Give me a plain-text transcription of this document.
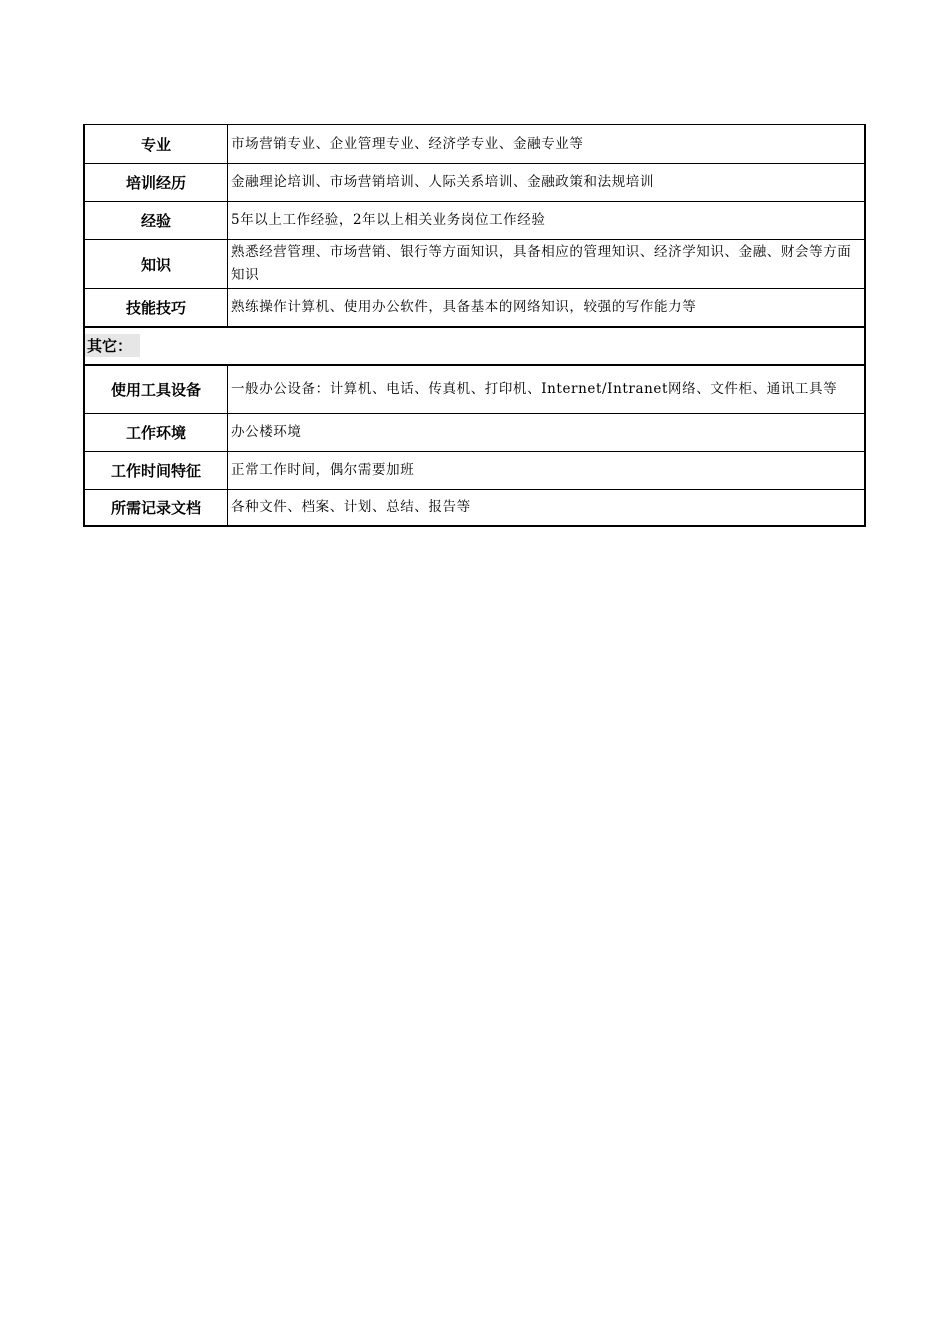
专业	市场营销专业、企业管理专业、经济学专业、金融专业等
培训经历	金融理论培训、市场营销培训、人际关系培训、金融政策和法规培训
经验	5年以上工作经验，2年以上相关业务岗位工作经验
知识	熟悉经营管理、市场营销、银行等方面知识，具备相应的管理知识、经济学知识、金融、财会等方面知识
技能技巧	熟练操作计算机、使用办公软件，具备基本的网络知识，较强的写作能力等
其它：	
使用工具设备	一般办公设备：计算机、电话、传真机、打印机、Internet/Intranet网络、文件柜、通讯工具等
工作环境	办公楼环境
工作时间特征	正常工作时间，偶尔需要加班
所需记录文档	各种文件、档案、计划、总结、报告等
